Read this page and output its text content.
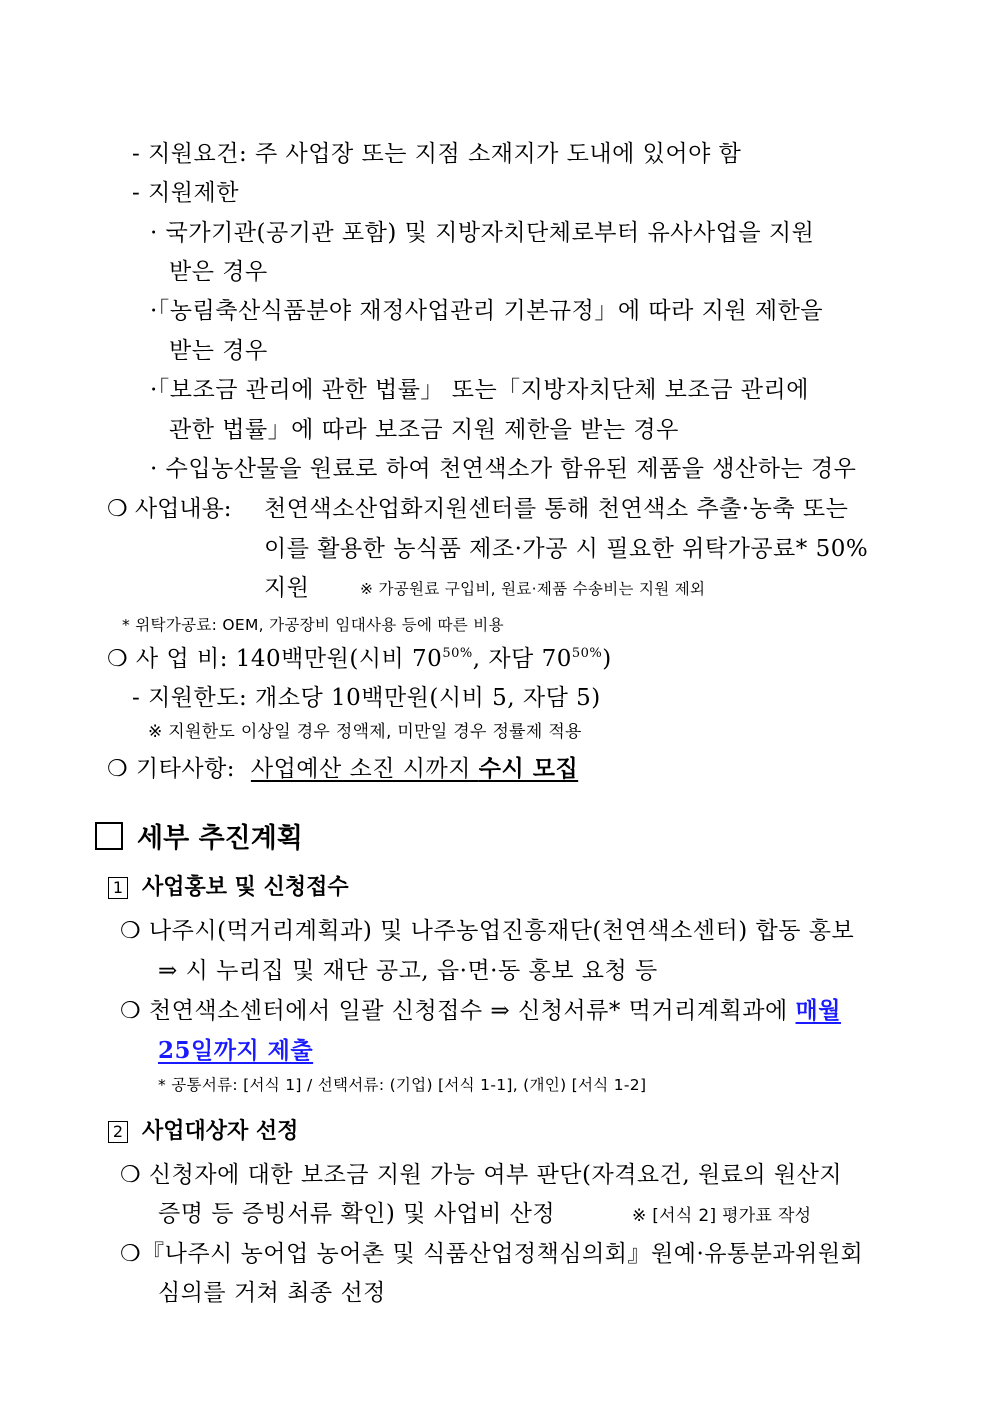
- 지원요건: 주 사업장 또는 지점 소재지가 도내에 있어야 함
- 지원제한
· 국가기관(공기관 포함) 및 지방자치단체로부터 유사사업을 지원
받은 경우
·「농림축산식품분야 재정사업관리 기본규정」에 따라 지원 제한을
받는 경우
·「보조금 관리에 관한 법률」 또는「지방자치단체 보조금 관리에
관한 법률」에 따라 보조금 지원 제한을 받는 경우
· 수입농산물을 원료로 하여 천연색소가 함유된 제품을 생산하는 경우
❍ 사업내용: 천연색소산업화지원센터를 통해 천연색소 추출·농축 또는
이를 활용한 농식품 제조·가공 시 필요한 위탁가공료* 50%
지원	※ 가공원료 구입비, 원료·제품 수송비는 지원 제외
* 위탁가공료: OEM, 가공장비 임대사용 등에 따른 비용
❍ 사 업 비: 140백만원(시비 $70^{50\%}$, 자담 $70^{50\%}$)
- 지원한도: 개소당 10백만원(시비 5, 자담 5)
※ 지원한도 이상일 경우 정액제, 미만일 경우 정률제 적용
❍ 기타사항: 사업예산 소진 시까지 수시 모집
세부 추진계획
1 사업홍보 및 신청접수
❍ 나주시(먹거리계획과) 및 나주농업진흥재단(천연색소센터) 합동 홍보
⇒ 시 누리집 및 재단 공고, 읍·면·동 홍보 요청 등
❍ 천연색소센터에서 일괄 신청접수 ⇒ 신청서류* 먹거리계획과에 매월
25일까지 제출
* 공통서류: [서식 1] / 선택서류: (기업) [서식 1-1], (개인) [서식 1-2]
2 사업대상자 선정
❍ 신청자에 대한 보조금 지원 가능 여부 판단(자격요건, 원료의 원산지
증명 등 증빙서류 확인) 및 사업비 산정	※ [서식 2] 평가표 작성
❍『나주시 농어업 농어촌 및 식품산업정책심의회』원예·유통분과위원회
심의를 거쳐 최종 선정
